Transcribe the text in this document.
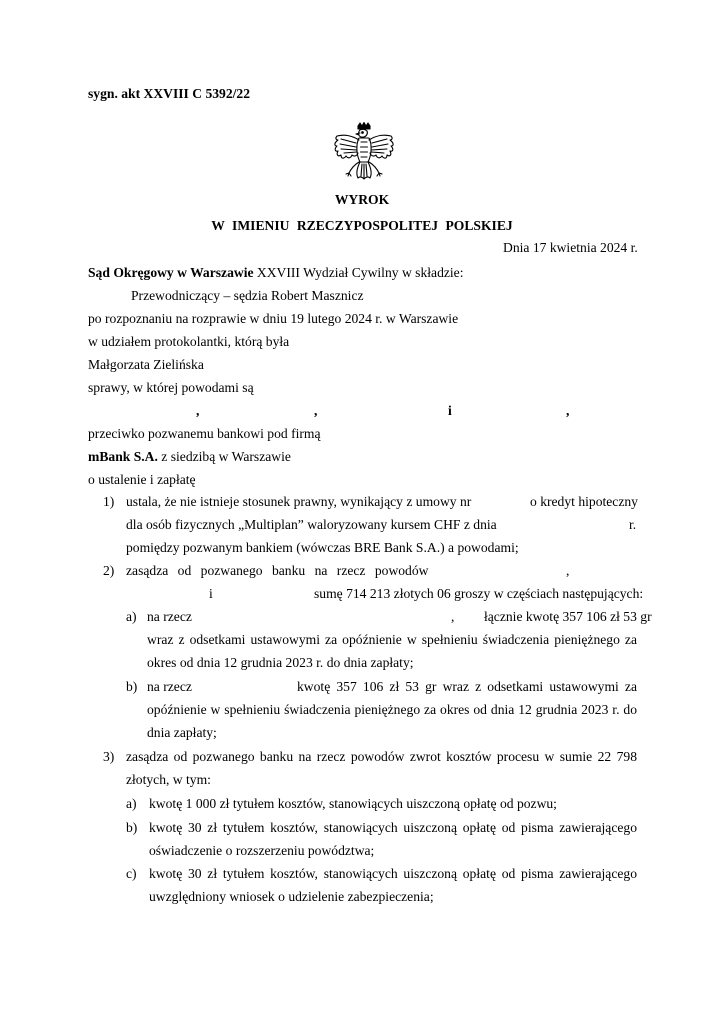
sygn. akt XXVIII C 5392/22
WYROK
W IMIENIU RZECZYPOSPOLITEJ POLSKIEJ
Dnia 17 kwietnia 2024 r.
Sąd Okręgowy w Warszawie XXVIII Wydział Cywilny w składzie:
Przewodniczący – sędzia Robert Masznicz
po rozpoznaniu na rozprawie w dniu 19 lutego 2024 r. w Warszawie
w udziałem protokolantki, którą była
Małgorzata Zielińska
sprawy, w której powodami są
,	,	i	,
przeciwko pozwanemu bankowi pod firmą
mBank S.A. z siedzibą w Warszawie
o ustalenie i zapłatę
1) ustala, że nie istnieje stosunek prawny, wynikający z umowy nr	o kredyt hipoteczny
dla osób fizycznych „Multiplan” waloryzowany kursem CHF z dnia	r.
pomiędzy pozwanym bankiem (wówczas BRE Bank S.A.) a powodami;
2) zasądza od pozwanego banku na rzecz powodów	,
i	sumę 714 213 złotych 06 groszy w częściach następujących:
a) na rzecz	, łącznie kwotę 357 106 zł 53 gr
wraz z odsetkami ustawowymi za opóźnienie w spełnieniu świadczenia pieniężnego za
okres od dnia 12 grudnia 2023 r. do dnia zapłaty;
b) na rzecz	kwotę 357 106 zł 53 gr wraz z odsetkami ustawowymi za
opóźnienie w spełnieniu świadczenia pieniężnego za okres od dnia 12 grudnia 2023 r. do
dnia zapłaty;
3) zasądza od pozwanego banku na rzecz powodów zwrot kosztów procesu w sumie 22 798
złotych, w tym:
a) kwotę 1 000 zł tytułem kosztów, stanowiących uiszczoną opłatę od pozwu;
b) kwotę 30 zł tytułem kosztów, stanowiących uiszczoną opłatę od pisma zawierającego
oświadczenie o rozszerzeniu powództwa;
c) kwotę 30 zł tytułem kosztów, stanowiących uiszczoną opłatę od pisma zawierającego
uwzględniony wniosek o udzielenie zabezpieczenia;
